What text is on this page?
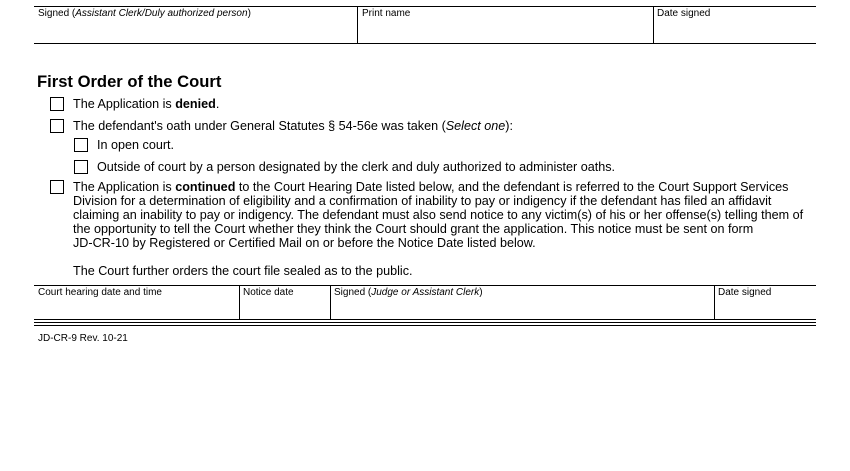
Signed (Assistant Clerk/Duly authorized person)	Print name	Date signed
First Order of the Court
The Application is denied.
The defendant's oath under General Statutes § 54-56e was taken (Select one):
In open court.
Outside of court by a person designated by the clerk and duly authorized to administer oaths.
The Application is continued to the Court Hearing Date listed below, and the defendant is referred to the Court Support Services
Division for a determination of eligibility and a confirmation of inability to pay or indigency if the defendant has filed an affidavit
claiming an inability to pay or indigency. The defendant must also send notice to any victim(s) of his or her offense(s) telling them of
the opportunity to tell the Court whether they think the Court should grant the application. This notice must be sent on form
JD-CR-10 by Registered or Certified Mail on or before the Notice Date listed below.
The Court further orders the court file sealed as to the public.
Court hearing date and time	Notice date	Signed (Judge or Assistant Clerk)	Date signed
JD-CR-9 Rev. 10-21
